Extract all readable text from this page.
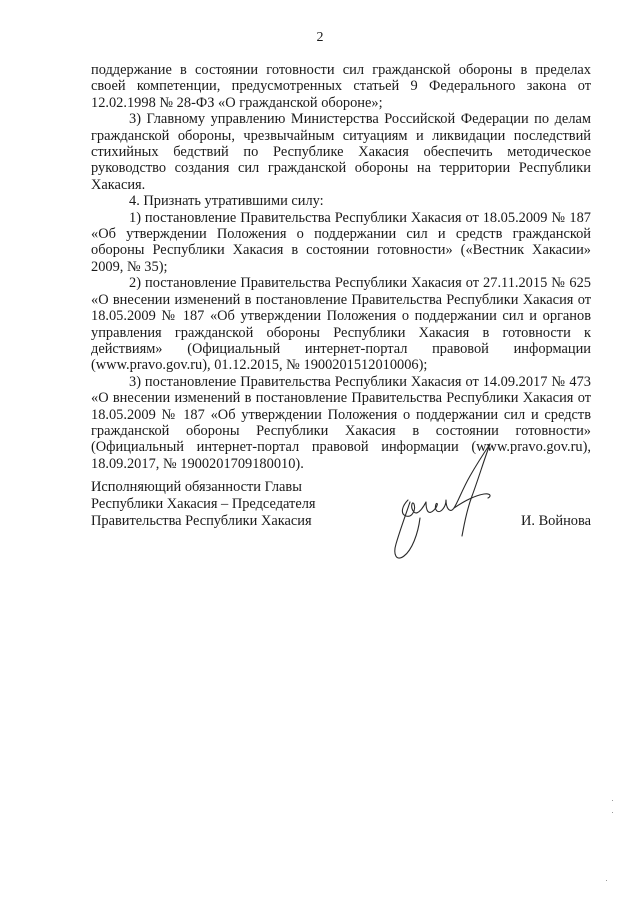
2

поддержание в состоянии готовности сил гражданской обороны в пределах своей компетенции, предусмотренных статьей 9 Федерального закона от 12.02.1998 № 28-ФЗ «О гражданской обороне»;

3) Главному управлению Министерства Российской Федерации по делам гражданской обороны, чрезвычайным ситуациям и ликвидации последствий стихийных бедствий по Республике Хакасия обеспечить методическое руководство создания сил гражданской обороны на территории Республики Хакасия.

4. Признать утратившими силу:

1) постановление Правительства Республики Хакасия от 18.05.2009 № 187 «Об утверждении Положения о поддержании сил и средств гражданской обороны Республики Хакасия в состоянии готовности» («Вестник Хакасии» 2009, № 35);

2) постановление Правительства Республики Хакасия от 27.11.2015 № 625 «О внесении изменений в постановление Правительства Республики Хакасия от 18.05.2009 № 187 «Об утверждении Положения о поддержании сил и органов управления гражданской обороны Республики Хакасия в готовности к действиям» (Официальный интернет-портал правовой информации (www.pravo.gov.ru), 01.12.2015, № 1900201512010006);

3) постановление Правительства Республики Хакасия от 14.09.2017 № 473 «О внесении изменений в постановление Правительства Республики Хакасия от 18.05.2009 № 187 «Об утверждении Положения о поддержании сил и средств гражданской обороны Республики Хакасия в состоянии готовности» (Официальный интернет-портал правовой информации (www.pravo.gov.ru), 18.09.2017, № 1900201709180010).

Исполняющий обязанности Главы
Республики Хакасия – Председателя
Правительства Республики Хакасия	И. Войнова
